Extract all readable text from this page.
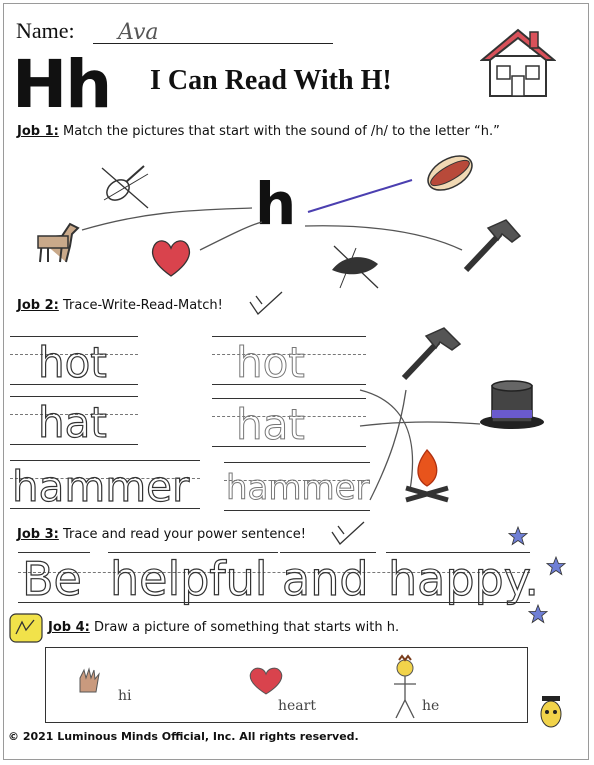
Name: Ava
Hh I Can Read With H!
Job 1: Match the pictures that start with the sound of /h/ to the letter “h.”
h
Job 2: Trace-Write-Read-Match!
hot
hat
hammer
hot
hat
hammer
Job 3: Trace and read your power sentence!
Be helpful and happy.
Job 4: Draw a picture of something that starts with h.
hi
heart	he
© 2021 Luminous Minds Official, Inc. All rights reserved.
